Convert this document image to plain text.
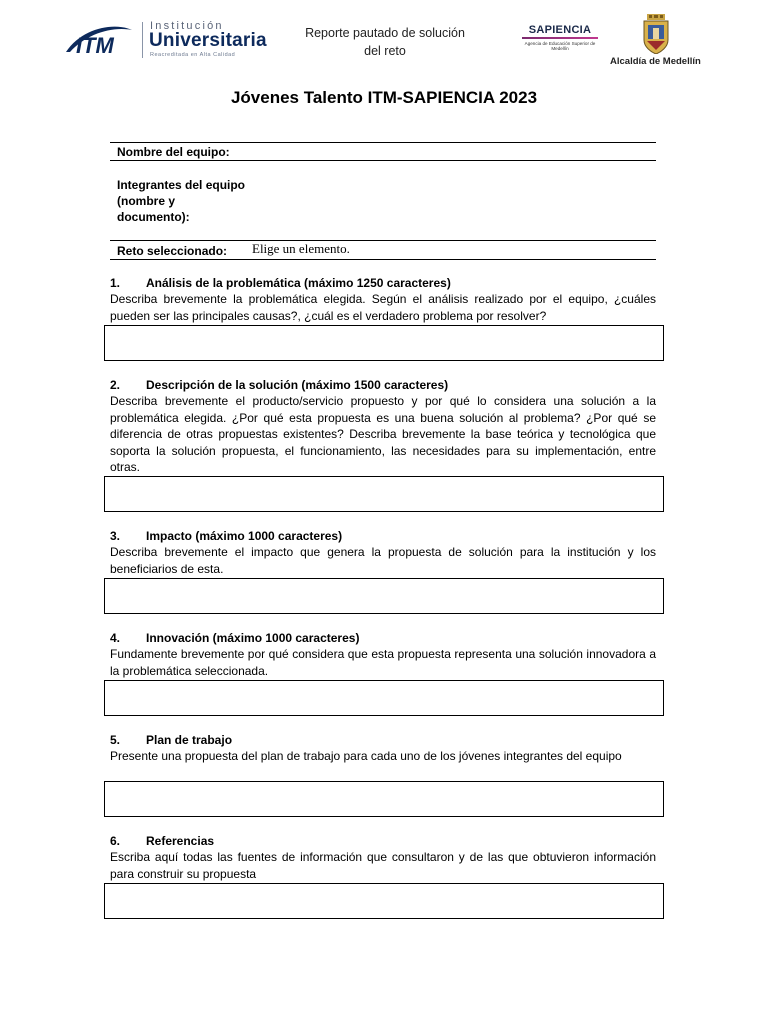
ITM
Institución
Universitaria
Reacreditada en Alta Calidad
Reporte pautado de solución del reto
SAPIENCIA
Agencia de Educación Superior de Medellín
Alcaldía de Medellín
Jóvenes Talento ITM-SAPIENCIA 2023
Nombre del equipo:
Integrantes del equipo (nombre y documento):
Reto seleccionado: Elige un elemento.
1. Análisis de la problemática (máximo 1250 caracteres)
Describa brevemente la problemática elegida. Según el análisis realizado por el equipo, ¿cuáles pueden ser las principales causas?, ¿cuál es el verdadero problema por resolver?
2. Descripción de la solución (máximo 1500 caracteres)
Describa brevemente el producto/servicio propuesto y por qué lo considera una solución a la problemática elegida. ¿Por qué esta propuesta es una buena solución al problema? ¿Por qué se diferencia de otras propuestas existentes? Describa brevemente la base teórica y tecnológica que soporta la solución propuesta, el funcionamiento, las necesidades para su implementación, entre otras.
3. Impacto (máximo 1000 caracteres)
Describa brevemente el impacto que genera la propuesta de solución para la institución y los beneficiarios de esta.
4. Innovación (máximo 1000 caracteres)
Fundamente brevemente por qué considera que esta propuesta representa una solución innovadora a la problemática seleccionada.
5. Plan de trabajo
Presente una propuesta del plan de trabajo para cada uno de los jóvenes integrantes del equipo
6. Referencias
Escriba aquí todas las fuentes de información que consultaron y de las que obtuvieron información para construir su propuesta
